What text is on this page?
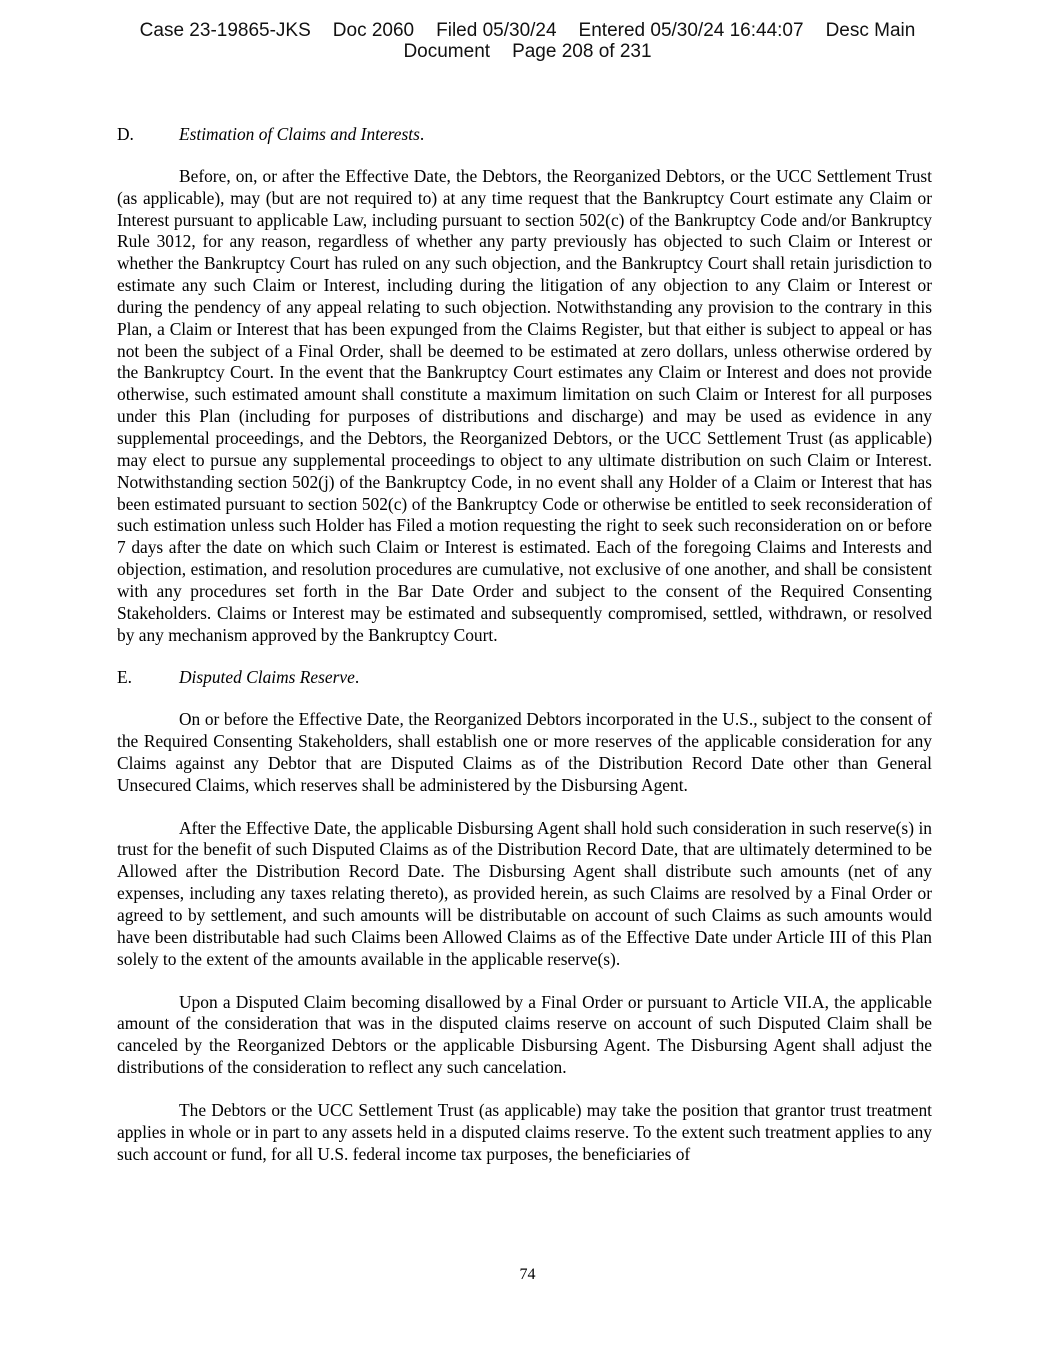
Case 23-19865-JKS Doc 2060 Filed 05/30/24 Entered 05/30/24 16:44:07 Desc Main
Document Page 208 of 231
D.	Estimation of Claims and Interests.

Before, on, or after the Effective Date, the Debtors, the Reorganized Debtors, or the UCC Settlement Trust (as applicable), may (but are not required to) at any time request that the Bankruptcy Court estimate any Claim or Interest pursuant to applicable Law, including pursuant to section 502(c) of the Bankruptcy Code and/or Bankruptcy Rule 3012, for any reason, regardless of whether any party previously has objected to such Claim or Interest or whether the Bankruptcy Court has ruled on any such objection, and the Bankruptcy Court shall retain jurisdiction to estimate any such Claim or Interest, including during the litigation of any objection to any Claim or Interest or during the pendency of any appeal relating to such objection. Notwithstanding any provision to the contrary in this Plan, a Claim or Interest that has been expunged from the Claims Register, but that either is subject to appeal or has not been the subject of a Final Order, shall be deemed to be estimated at zero dollars, unless otherwise ordered by the Bankruptcy Court. In the event that the Bankruptcy Court estimates any Claim or Interest and does not provide otherwise, such estimated amount shall constitute a maximum limitation on such Claim or Interest for all purposes under this Plan (including for purposes of distributions and discharge) and may be used as evidence in any supplemental proceedings, and the Debtors, the Reorganized Debtors, or the UCC Settlement Trust (as applicable) may elect to pursue any supplemental proceedings to object to any ultimate distribution on such Claim or Interest. Notwithstanding section 502(j) of the Bankruptcy Code, in no event shall any Holder of a Claim or Interest that has been estimated pursuant to section 502(c) of the Bankruptcy Code or otherwise be entitled to seek reconsideration of such estimation unless such Holder has Filed a motion requesting the right to seek such reconsideration on or before 7 days after the date on which such Claim or Interest is estimated. Each of the foregoing Claims and Interests and objection, estimation, and resolution procedures are cumulative, not exclusive of one another, and shall be consistent with any procedures set forth in the Bar Date Order and subject to the consent of the Required Consenting Stakeholders. Claims or Interest may be estimated and subsequently compromised, settled, withdrawn, or resolved by any mechanism approved by the Bankruptcy Court.

E.	Disputed Claims Reserve.

On or before the Effective Date, the Reorganized Debtors incorporated in the U.S., subject to the consent of the Required Consenting Stakeholders, shall establish one or more reserves of the applicable consideration for any Claims against any Debtor that are Disputed Claims as of the Distribution Record Date other than General Unsecured Claims, which reserves shall be administered by the Disbursing Agent.

After the Effective Date, the applicable Disbursing Agent shall hold such consideration in such reserve(s) in trust for the benefit of such Disputed Claims as of the Distribution Record Date, that are ultimately determined to be Allowed after the Distribution Record Date. The Disbursing Agent shall distribute such amounts (net of any expenses, including any taxes relating thereto), as provided herein, as such Claims are resolved by a Final Order or agreed to by settlement, and such amounts will be distributable on account of such Claims as such amounts would have been distributable had such Claims been Allowed Claims as of the Effective Date under Article III of this Plan solely to the extent of the amounts available in the applicable reserve(s).

Upon a Disputed Claim becoming disallowed by a Final Order or pursuant to Article VII.A, the applicable amount of the consideration that was in the disputed claims reserve on account of such Disputed Claim shall be canceled by the Reorganized Debtors or the applicable Disbursing Agent. The Disbursing Agent shall adjust the distributions of the consideration to reflect any such cancelation.

The Debtors or the UCC Settlement Trust (as applicable) may take the position that grantor trust treatment applies in whole or in part to any assets held in a disputed claims reserve. To the extent such treatment applies to any such account or fund, for all U.S. federal income tax purposes, the beneficiaries of

74
